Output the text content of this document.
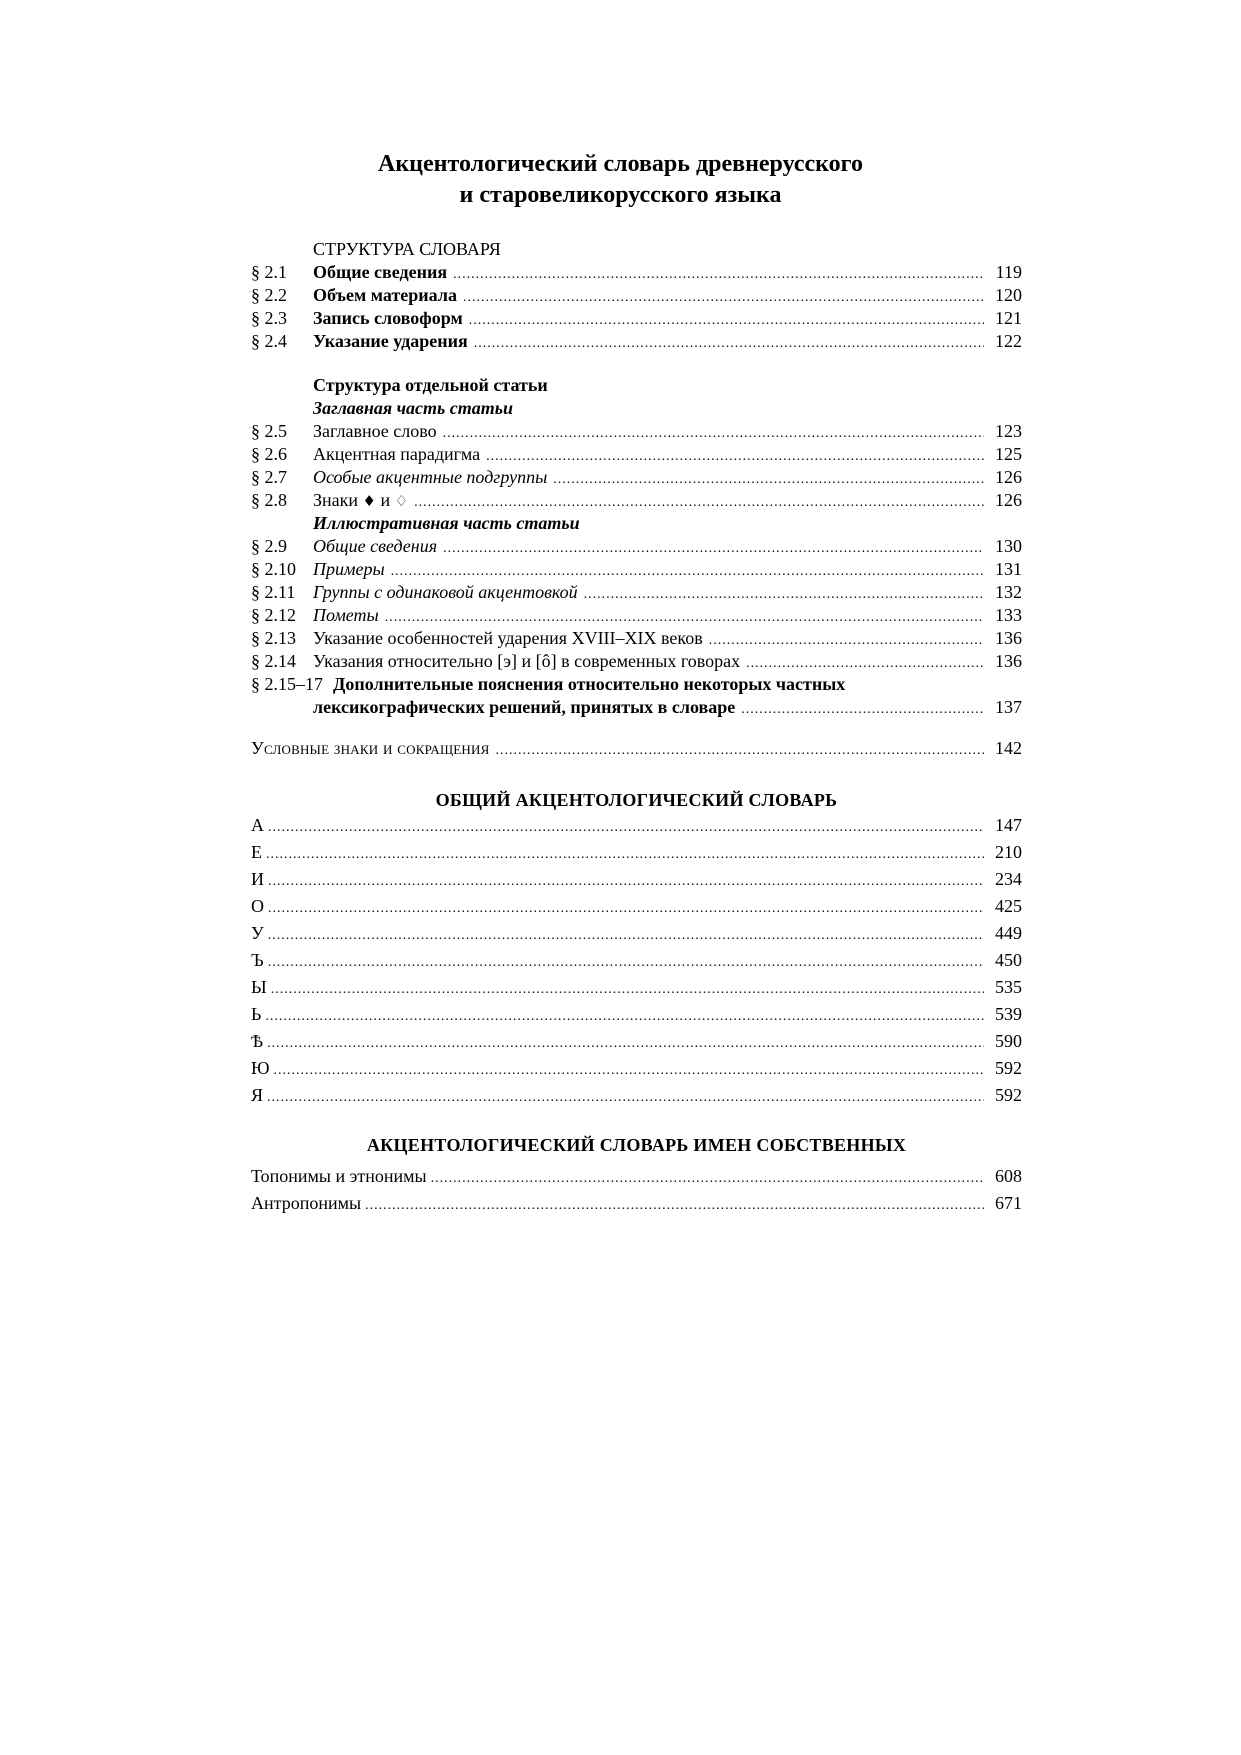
Акцентологический словарь древнерусского
и старовеликорусского языка
СТРУКТУРА СЛОВАРЯ
§ 2.1	Общие сведения .....	119
§ 2.2	Объем материала .....	120
§ 2.3	Запись словоформ .....	121
§ 2.4	Указание ударения .....	122
Структура отдельной статьи
Заглавная часть статьи
§ 2.5	Заглавное слово .....	123
§ 2.6	Акцентная парадигма .....	125
§ 2.7	Особые акцентные подгруппы .....	126
§ 2.8	Знаки ♦ и ♢ .....	126
Иллюстративная часть статьи
§ 2.9	Общие сведения .....	130
§ 2.10 Примеры .....	131
§ 2.11 Группы с одинаковой акцентовкой .....	132
§ 2.12 Пометы .....	133
§ 2.13 Указание особенностей ударения XVIII–XIX веков .....	136
§ 2.14 Указания относительно [э] и [ô] в современных говорах .....	136
§ 2.15–17 Дополнительные пояснения относительно некоторых частных
лексикографических решений, принятых в словаре .....	137
Условные знаки и сокращения .....	142
ОБЩИЙ АКЦЕНТОЛОГИЧЕСКИЙ СЛОВАРЬ
А .....	147
Е .....	210
И .....	234
О .....	425
У .....	449
Ъ .....	450
Ы .....	535
Ь .....	539
Ѣ .....	590
Ю .....	592
Я .....	592
АКЦЕНТОЛОГИЧЕСКИЙ СЛОВАРЬ ИМЕН СОБСТВЕННЫХ
Топонимы и этнонимы .....	608
Антропонимы .....	671
